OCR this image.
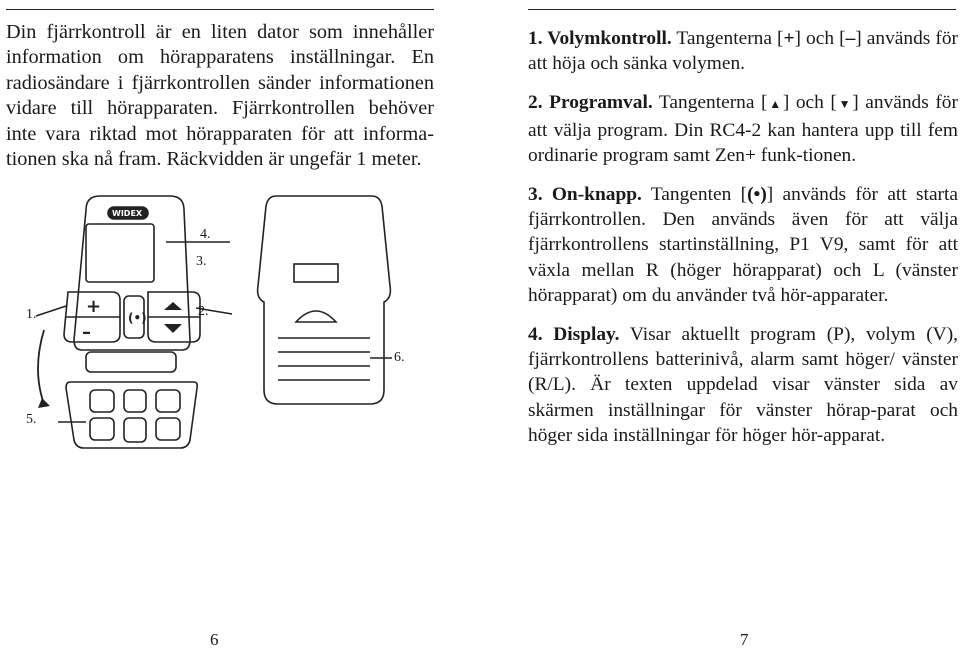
Din fjärrkontroll är en liten dator som innehåller
information om hörapparatens inställningar. En
radiosändare i fjärrkontrollen sänder informationen
vidare till hörapparaten. Fjärrkontrollen behöver
inte vara riktad mot hörapparaten för att informa-
tionen ska nå fram. Räckvidden är ungefär 1 meter.
+
–
(•)
WIDEX
4.
3.
2.
1.
5.
6.

1. Volymkontroll. Tangenterna [+] och [–] används för att höja och sänka volymen.

2. Programval. Tangenterna [▲] och [▼] används för att välja program. Din RC4-2 kan hantera upp till fem ordinarie program samt Zen+ funk-tionen.

3. On-knapp. Tangenten [(•)] används för att starta fjärrkontrollen. Den används även för att välja fjärrkontrollens startinställning, P1 V9, samt för att växla mellan R (höger hörapparat) och L (vänster hörapparat) om du använder två hör-apparater.

4. Display. Visar aktuellt program (P), volym (V), fjärrkontrollens batterinivå, alarm samt höger/ vänster (R/L). Är texten uppdelad visar vänster sida av skärmen inställningar för vänster hörap-parat och höger sida inställningar för höger hör-apparat.

6	7
